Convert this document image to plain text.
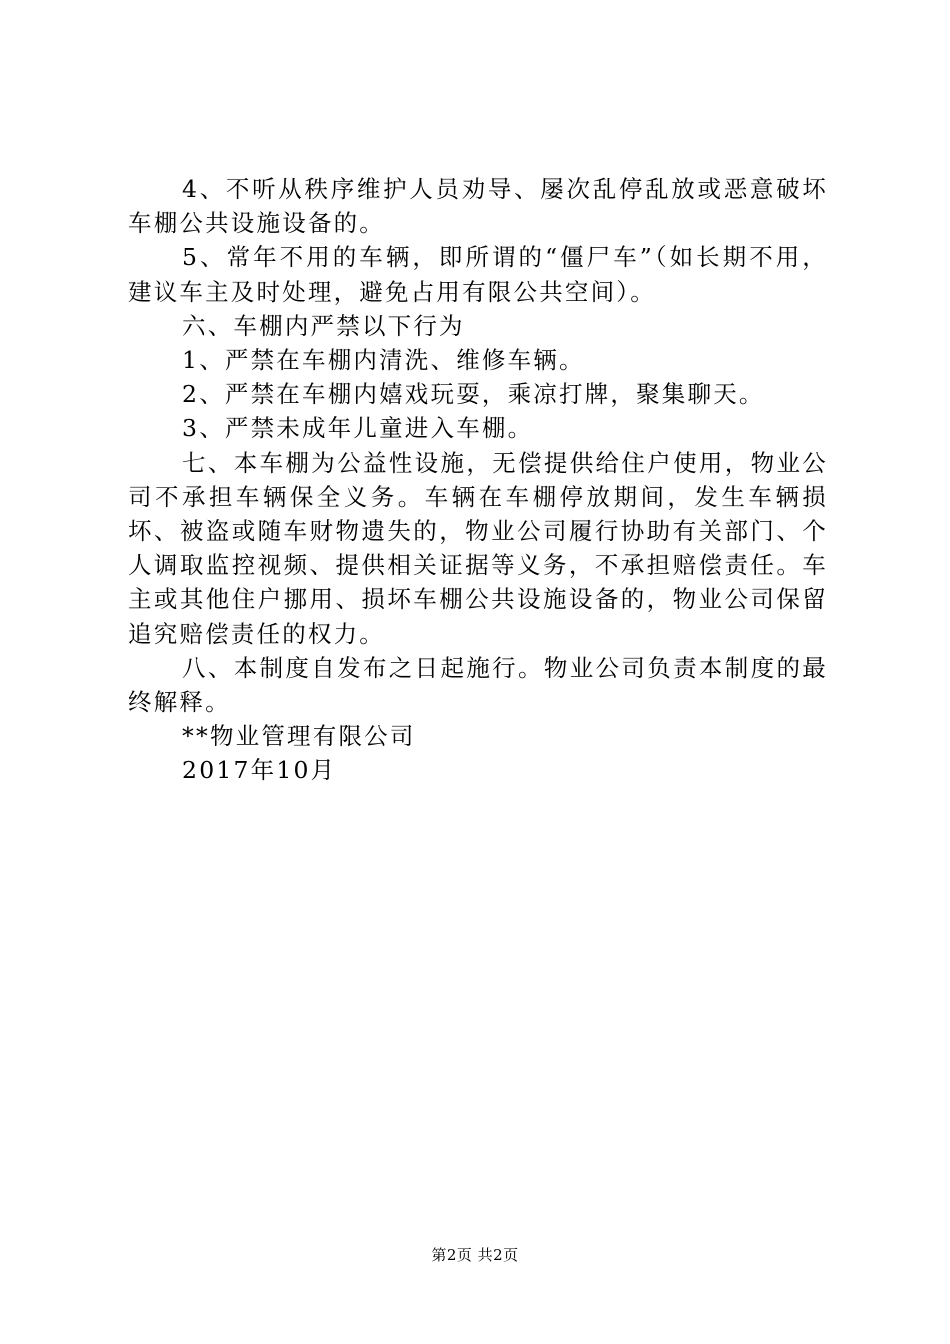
4、不听从秩序维护人员劝导、屡次乱停乱放或恶意破坏车棚公共设施设备的。

5、常年不用的车辆，即所谓的“僵尸车”（如长期不用，建议车主及时处理，避免占用有限公共空间）。

六、车棚内严禁以下行为

1、严禁在车棚内清洗、维修车辆。

2、严禁在车棚内嬉戏玩耍，乘凉打牌，聚集聊天。

3、严禁未成年儿童进入车棚。

七、本车棚为公益性设施，无偿提供给住户使用，物业公司不承担车辆保全义务。车辆在车棚停放期间，发生车辆损坏、被盗或随车财物遗失的，物业公司履行协助有关部门、个人调取监控视频、提供相关证据等义务，不承担赔偿责任。车主或其他住户挪用、损坏车棚公共设施设备的，物业公司保留追究赔偿责任的权力。

八、本制度自发布之日起施行。物业公司负责本制度的最终解释。

**物业管理有限公司

2017年10月

第2页 共2页
